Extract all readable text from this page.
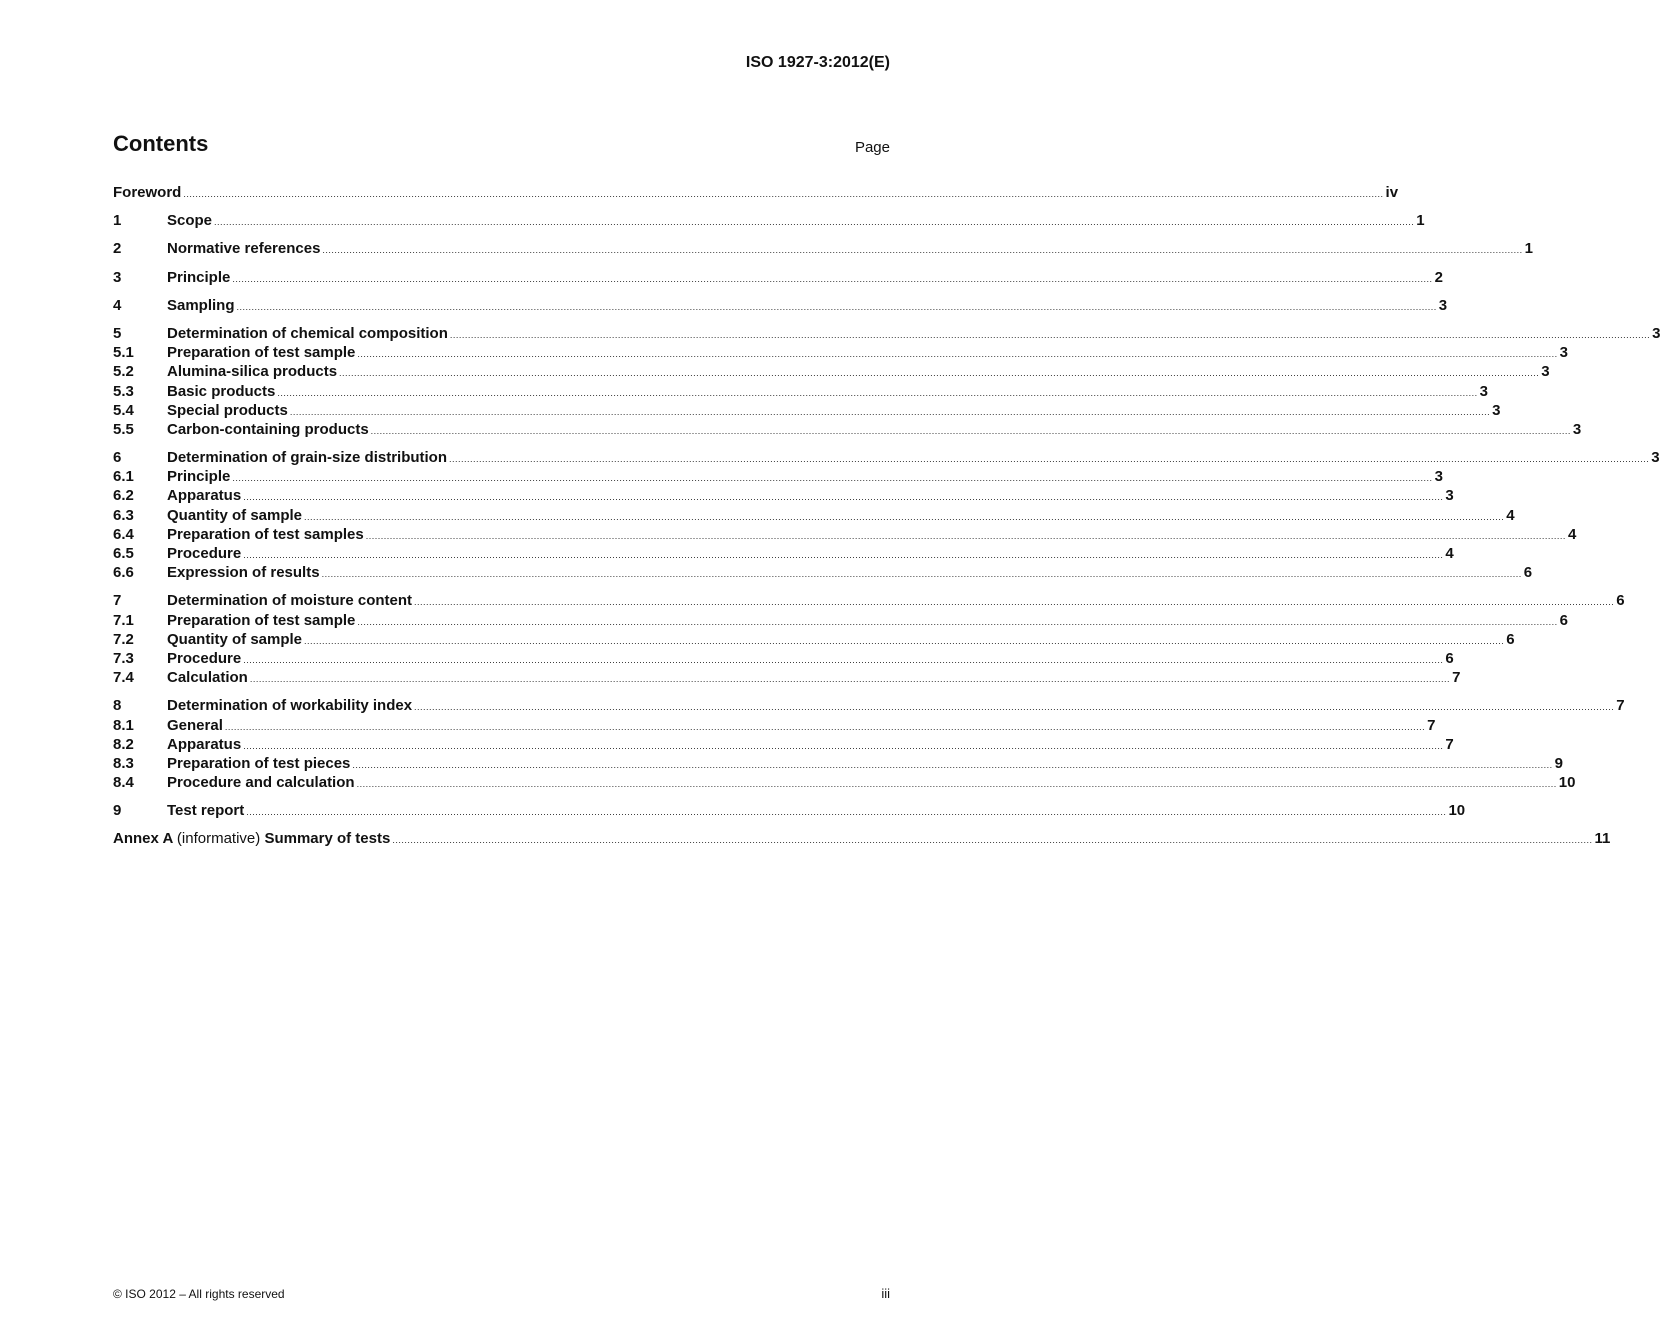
ISO 1927-3:2012(E)
Contents	Page
Foreword ................................................................................................................................................................................................................................................................................................................................................................................................................ iv
1	Scope ................................................................................................................................................................................................................................................................................................................................................................................................................ 1
2	Normative references ................................................................................................................................................................................................................................................................................................................................................................................................................ 1
3	Principle ................................................................................................................................................................................................................................................................................................................................................................................................................ 2
4	Sampling ................................................................................................................................................................................................................................................................................................................................................................................................................ 3
5	Determination of chemical composition ................................................................................................................................................................................................................................................................................................................................................................................................................ 3
5.1	Preparation of test sample ................................................................................................................................................................................................................................................................................................................................................................................................................ 3
5.2	Alumina-silica products ................................................................................................................................................................................................................................................................................................................................................................................................................ 3
5.3	Basic products ................................................................................................................................................................................................................................................................................................................................................................................................................ 3
5.4	Special products ................................................................................................................................................................................................................................................................................................................................................................................................................ 3
5.5	Carbon-containing products ................................................................................................................................................................................................................................................................................................................................................................................................................ 3
6	Determination of grain-size distribution ................................................................................................................................................................................................................................................................................................................................................................................................................ 3
6.1	Principle ................................................................................................................................................................................................................................................................................................................................................................................................................ 3
6.2	Apparatus ................................................................................................................................................................................................................................................................................................................................................................................................................ 3
6.3	Quantity of sample ................................................................................................................................................................................................................................................................................................................................................................................................................ 4
6.4	Preparation of test samples ................................................................................................................................................................................................................................................................................................................................................................................................................ 4
6.5	Procedure ................................................................................................................................................................................................................................................................................................................................................................................................................ 4
6.6	Expression of results ................................................................................................................................................................................................................................................................................................................................................................................................................ 6
7	Determination of moisture content ................................................................................................................................................................................................................................................................................................................................................................................................................ 6
7.1	Preparation of test sample ................................................................................................................................................................................................................................................................................................................................................................................................................ 6
7.2	Quantity of sample ................................................................................................................................................................................................................................................................................................................................................................................................................ 6
7.3	Procedure ................................................................................................................................................................................................................................................................................................................................................................................................................ 6
7.4	Calculation ................................................................................................................................................................................................................................................................................................................................................................................................................ 7
8	Determination of workability index ................................................................................................................................................................................................................................................................................................................................................................................................................ 7
8.1	General ................................................................................................................................................................................................................................................................................................................................................................................................................ 7
8.2	Apparatus ................................................................................................................................................................................................................................................................................................................................................................................................................ 7
8.3	Preparation of test pieces ................................................................................................................................................................................................................................................................................................................................................................................................................ 9
8.4	Procedure and calculation ................................................................................................................................................................................................................................................................................................................................................................................................................ 10
9	Test report ................................................................................................................................................................................................................................................................................................................................................................................................................ 10
Annex A (informative) Summary of tests ................................................................................................................................................................................................................................................................................................................................................................................................................ 11
© ISO 2012 – All rights reserved	iii
